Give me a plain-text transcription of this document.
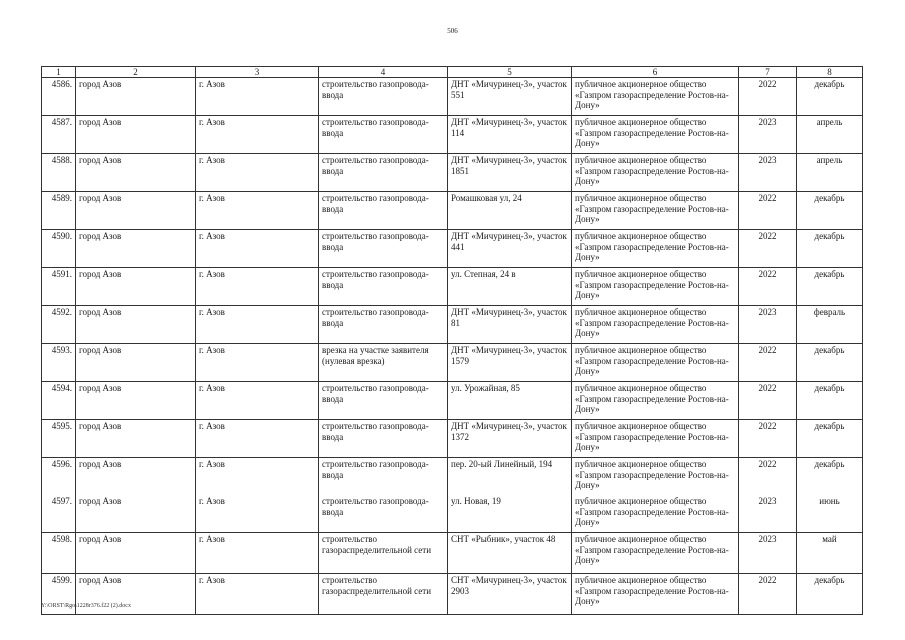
506
1	2	3	4	5	6	7	8
4586.	город Азов	г. Азов	строительство газопровода-ввода	ДНТ «Мичуринец-3», участок 551	публичное акционерное общество «Газпром газораспределение Ростов-на-Дону»	2022	декабрь
4587.	город Азов	г. Азов	строительство газопровода-ввода	ДНТ «Мичуринец-3», участок 114	публичное акционерное общество «Газпром газораспределение Ростов-на-Дону»	2023	апрель
4588.	город Азов	г. Азов	строительство газопровода-ввода	ДНТ «Мичуринец-3», участок 1851	публичное акционерное общество «Газпром газораспределение Ростов-на-Дону»	2023	апрель
4589.	город Азов	г. Азов	строительство газопровода-ввода	Ромашковая ул, 24	публичное акционерное общество «Газпром газораспределение Ростов-на-Дону»	2022	декабрь
4590.	город Азов	г. Азов	строительство газопровода-ввода	ДНТ «Мичуринец-3», участок 441	публичное акционерное общество «Газпром газораспределение Ростов-на-Дону»	2022	декабрь
4591.	город Азов	г. Азов	строительство газопровода-ввода	ул. Степная, 24 в	публичное акционерное общество «Газпром газораспределение Ростов-на-Дону»	2022	декабрь
4592.	город Азов	г. Азов	строительство газопровода-ввода	ДНТ «Мичуринец-3», участок 81	публичное акционерное общество «Газпром газораспределение Ростов-на-Дону»	2023	февраль
4593.	город Азов	г. Азов	врезка на участке заявителя (нулевая врезка)	ДНТ «Мичуринец-3», участок 1579	публичное акционерное общество «Газпром газораспределение Ростов-на-Дону»	2022	декабрь
4594.	город Азов	г. Азов	строительство газопровода-ввода	ул. Урожайная, 85	публичное акционерное общество «Газпром газораспределение Ростов-на-Дону»	2022	декабрь
4595.	город Азов	г. Азов	строительство газопровода-ввода	ДНТ «Мичуринец-3», участок 1372	публичное акционерное общество «Газпром газораспределение Ростов-на-Дону»	2022	декабрь
4596.	город Азов	г. Азов	строительство газопровода-ввода	пер. 20-ый Линейный, 194	публичное акционерное общество «Газпром газораспределение Ростов-на-Дону»	2022	декабрь
4597.	город Азов	г. Азов	строительство газопровода-ввода	ул. Новая, 19	публичное акционерное общество «Газпром газораспределение Ростов-на-Дону»	2023	июнь
4598.	город Азов	г. Азов	строительство газораспределительной сети	СНТ «Рыбник», участок 48	публичное акционерное общество «Газпром газораспределение Ростов-на-Дону»	2023	май
4599.	город Азов	г. Азов	строительство газораспределительной сети	СНТ «Мичуринец-3», участок 2903	публичное акционерное общество «Газпром газораспределение Ростов-на-Дону»	2022	декабрь
Y:\ORST\Rgo\1228r376.f22 (2).docx
